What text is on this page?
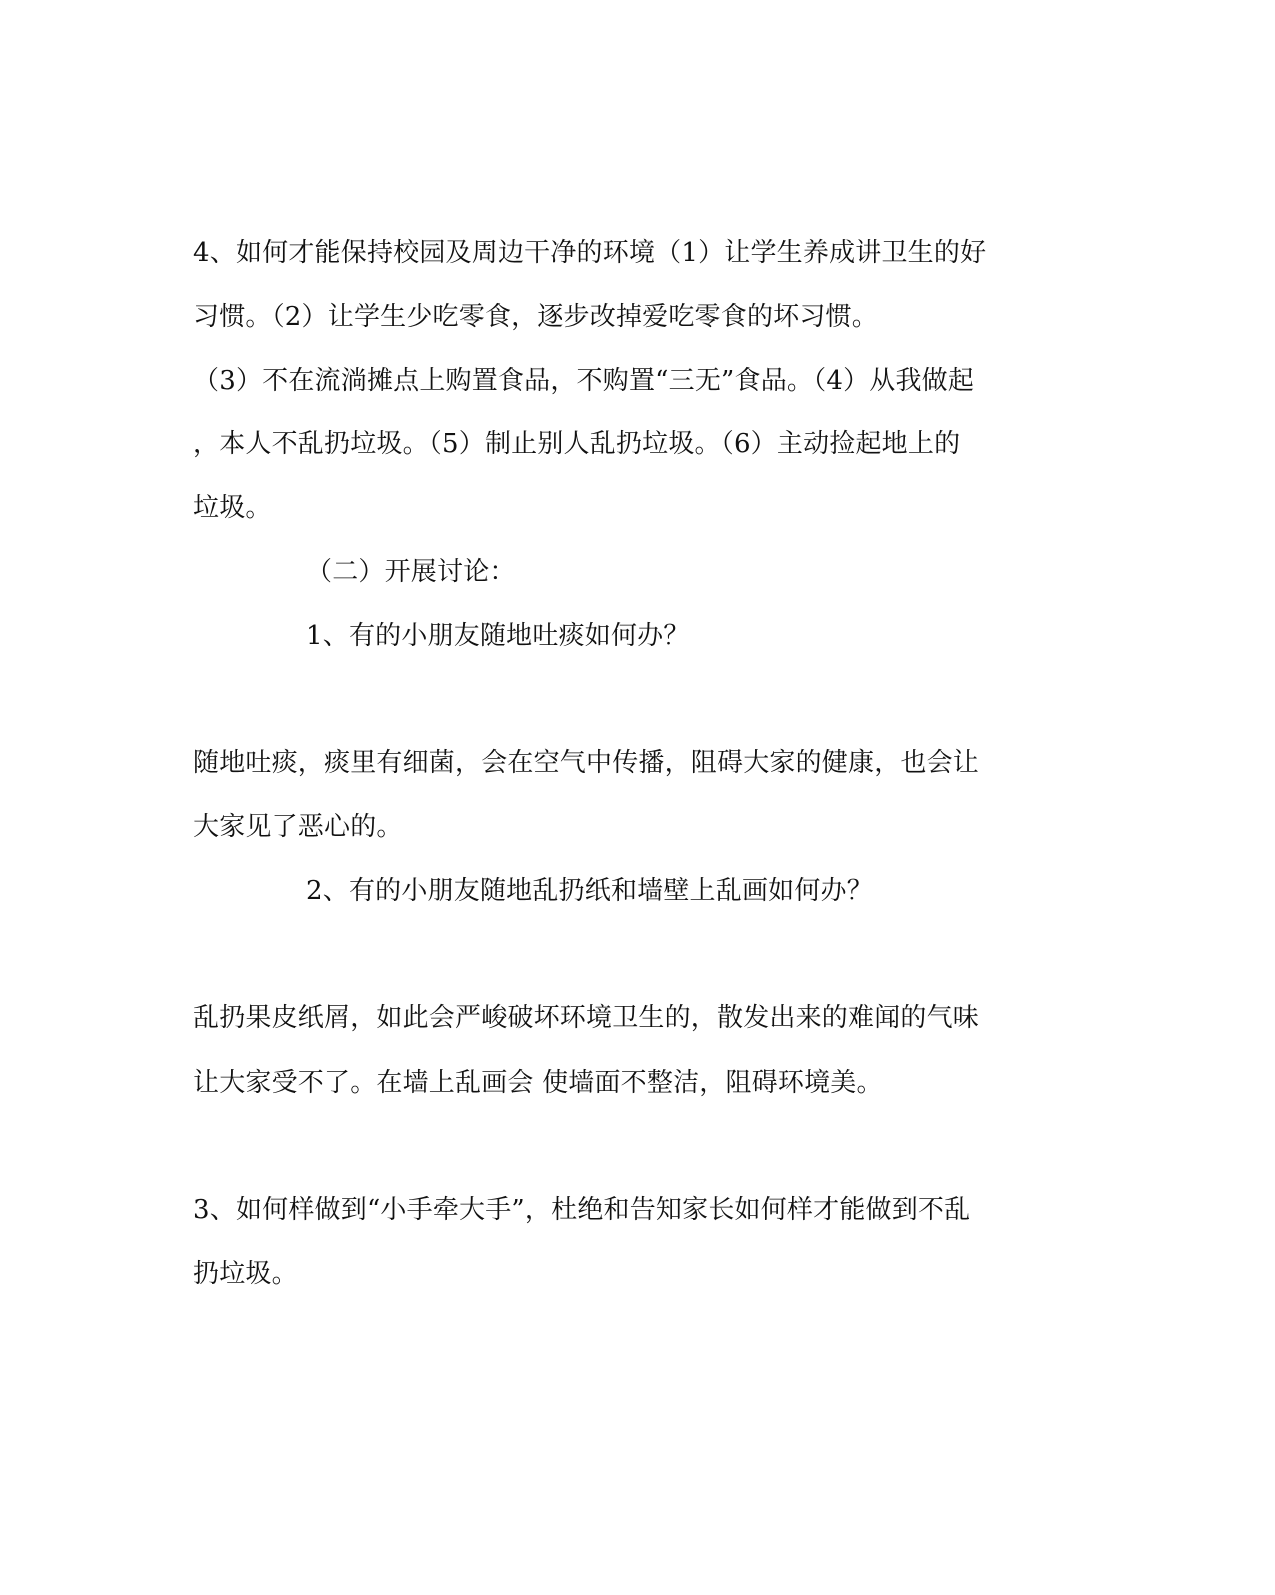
4、如何才能保持校园及周边干净的环境（1）让学生养成讲卫生的好
习惯。（2）让学生少吃零食，逐步改掉爱吃零食的坏习惯。
（3）不在流淌摊点上购置食品，不购置“三无”食品。（4）从我做起
，本人不乱扔垃圾。（5）制止别人乱扔垃圾。（6）主动捡起地上的
垃圾。
（二）开展讨论：
1、有的小朋友随地吐痰如何办？
随地吐痰，痰里有细菌，会在空气中传播，阻碍大家的健康，也会让
大家见了恶心的。
2、有的小朋友随地乱扔纸和墙壁上乱画如何办？
乱扔果皮纸屑，如此会严峻破坏环境卫生的，散发出来的难闻的气味
让大家受不了。在墙上乱画会 使墙面不整洁，阻碍环境美。
3、如何样做到“小手牵大手”，杜绝和告知家长如何样才能做到不乱
扔垃圾。
